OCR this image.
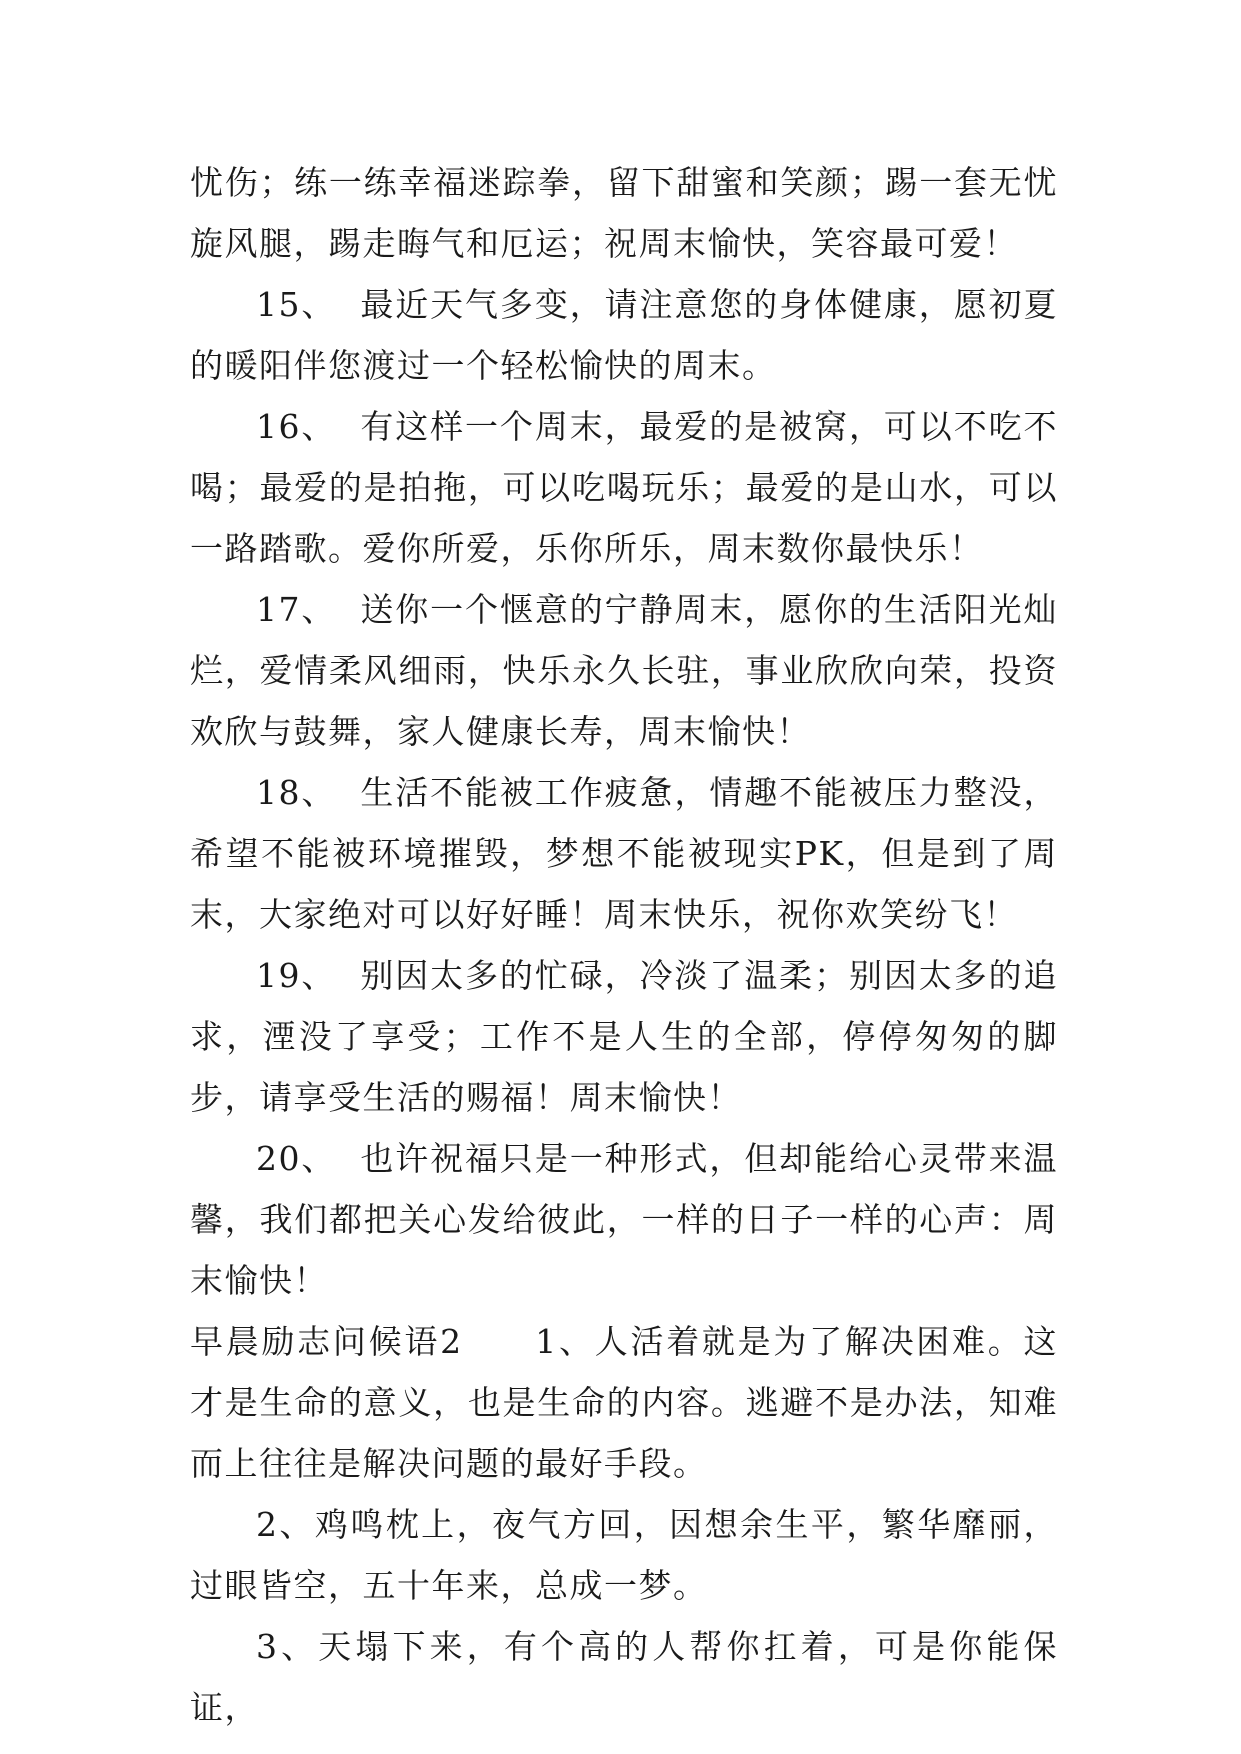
忧伤；练一练幸福迷踪拳，留下甜蜜和笑颜；踢一套无忧旋风腿，踢走晦气和厄运；祝周末愉快，笑容最可爱！

15、 最近天气多变，请注意您的身体健康，愿初夏的暖阳伴您渡过一个轻松愉快的周末。

16、 有这样一个周末，最爱的是被窝，可以不吃不喝；最爱的是拍拖，可以吃喝玩乐；最爱的是山水，可以一路踏歌。爱你所爱，乐你所乐，周末数你最快乐！

17、 送你一个惬意的宁静周末，愿你的生活阳光灿烂，爱情柔风细雨，快乐永久长驻，事业欣欣向荣，投资欢欣与鼓舞，家人健康长寿，周末愉快！

18、 生活不能被工作疲惫，情趣不能被压力整没，希望不能被环境摧毁，梦想不能被现实PK，但是到了周末，大家绝对可以好好睡！周末快乐，祝你欢笑纷飞！

19、 别因太多的忙碌，冷淡了温柔；别因太多的追求，湮没了享受；工作不是人生的全部，停停匆匆的脚步，请享受生活的赐福！周末愉快！

20、 也许祝福只是一种形式，但却能给心灵带来温馨，我们都把关心发给彼此，一样的日子一样的心声：周末愉快！

早晨励志问候语2　　1、人活着就是为了解决困难。这才是生命的意义，也是生命的内容。逃避不是办法，知难而上往往是解决问题的最好手段。

2、鸡鸣枕上，夜气方回，因想余生平，繁华靡丽，过眼皆空，五十年来，总成一梦。

3、天塌下来，有个高的人帮你扛着，可是你能保证，
